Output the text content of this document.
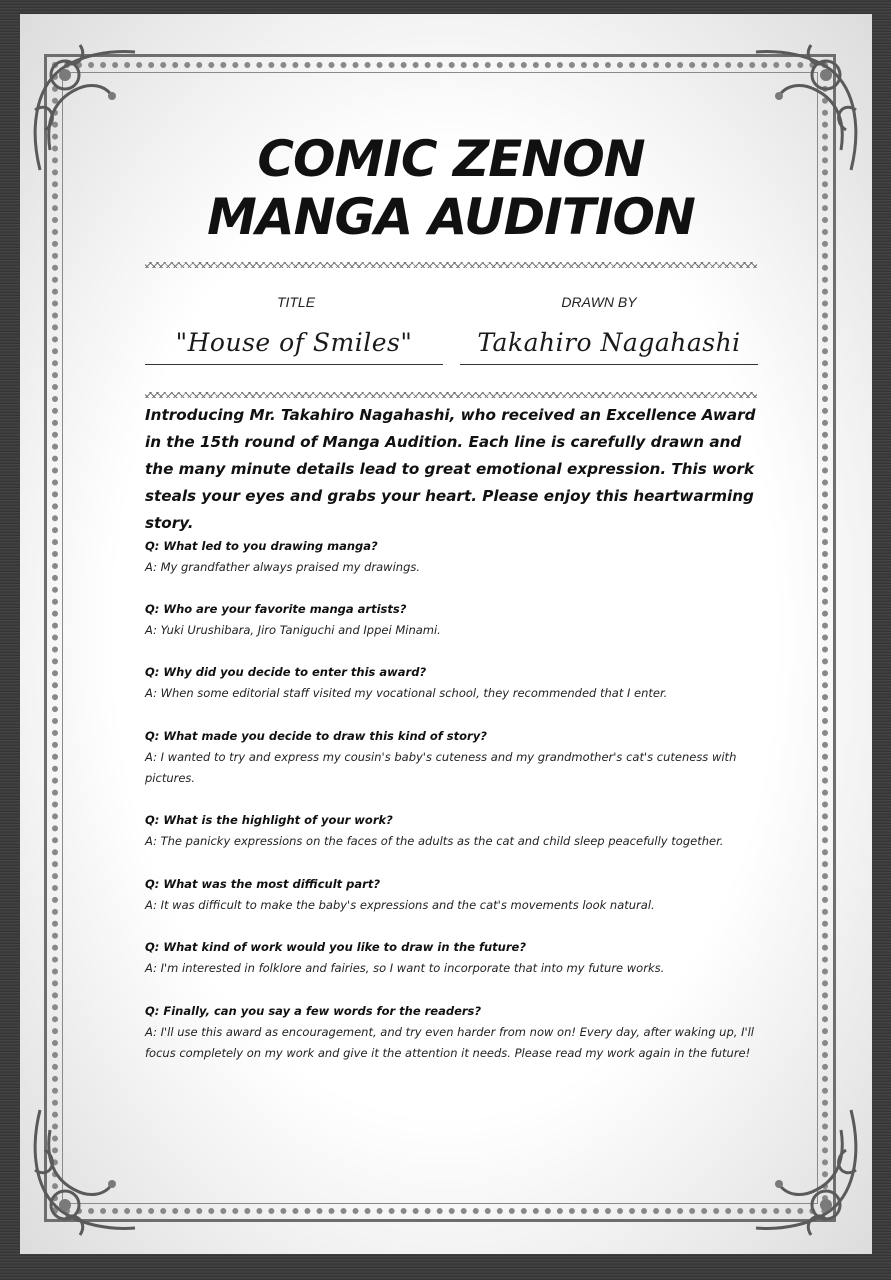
COMIC ZENON
MANGA AUDITION
TITLE	DRAWN BY
"House of Smiles"	Takahiro Nagahashi

Introducing Mr. Takahiro Nagahashi, who received an Excellence Award in the 15th round of Manga Audition. Each line is carefully drawn and the many minute details lead to great emotional expression. This work steals your eyes and grabs your heart. Please enjoy this heartwarming story.

Q: What led to you drawing manga?

A: My grandfather always praised my drawings.

Q: Who are your favorite manga artists?

A: Yuki Urushibara, Jiro Taniguchi and Ippei Minami.

Q: Why did you decide to enter this award?

A: When some editorial staff visited my vocational school, they recommended that I enter.

Q: What made you decide to draw this kind of story?

A: I wanted to try and express my cousin's baby's cuteness and my grandmother's cat's cuteness with pictures.

Q: What is the highlight of your work?

A: The panicky expressions on the faces of the adults as the cat and child sleep peacefully together.

Q: What was the most difficult part?

A: It was difficult to make the baby's expressions and the cat's movements look natural.

Q: What kind of work would you like to draw in the future?

A: I'm interested in folklore and fairies, so I want to incorporate that into my future works.

Q: Finally, can you say a few words for the readers?

A: I'll use this award as encouragement, and try even harder from now on! Every day, after waking up, I'll focus completely on my work and give it the attention it needs. Please read my work again in the future!
